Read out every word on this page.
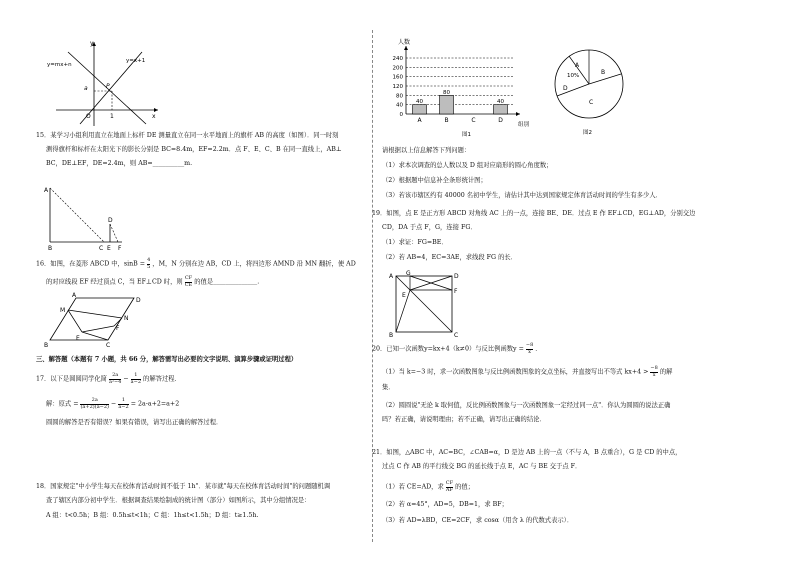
y
x
y=mx+n
y=x+1
a	P
O	1
15．某学习小组利用直立在地面上标杆 DE 测量直立在同一水平地面上的旗杆 AB 的高度（如图）．同一时刻
测得旗杆和标杆在太阳光下的影长分别是 BC=8.4m，EF=2.2m．点 F、E、C、B 在同一直线上，AB⊥
BC，DE⊥EF，DE=2.4m，则 AB=__________m.
A
B	C
D
E F
16．如图，在菱形 ABCD 中，$\sin B = \frac{4}{5}$ ，M，N 分别在边 AB，CD 上，将四边形 AMND 沿 MN 翻折，使 AD
的对应线段 EF 经过顶点 C，当 EF⊥CD 时，则 $\frac{CF}{CE}$ 的值是______________.
A
M
B
D
N
C
E
F
三、解答题（本题有 7 小题，共 66 分，解答需写出必要的文字说明、演算步骤或证明过程）
17．以下是圆圆同学化简 $\frac{2a}{\text{a²−4}} - \frac{1}{a-2}$ 的解答过程．
解：原式 = $\frac{2a}{(a+2)(a-2)} - \frac{1}{a-2} = 2a-a+2=a+2$
圆圆的解答是否有错误？如果有错误，请写出正确的解答过程．
18．国家规定"中小学生每天在校体育活动时间不低于 1h"．某市就"每天在校体育活动时间"的问题随机调
查了辖区内部分初中学生．根据调查结果绘制成的统计图（部分）如图所示，其中分组情况是：
A 组：t<0.5h；B 组：0.5h≤t<1h；C 组：1h≤t<1.5h；D 组：t≥1.5h.
人数
组别
图1
240
200
160
120
80
40
0
40
A
80
B	C
40
D
A
10%	B
C
D
图2
请根据以上信息解答下列问题：
（1）求本次调查的总人数以及 D 组对应扇形的圆心角度数；
（2）根据题中信息补全条形统计图；
（3）若该市辖区约有 40000 名初中学生，请估计其中达到国家规定体育活动时间的学生有多少人．
19．如图，点 E 是正方形 ABCD 对角线 AC 上的一点，连接 BE、DE．过点 E 作 EF⊥CD，EG⊥AD，分别交边
CD，DA 于点 F，G，连接 FG．
（1）求证：FG=BE．
（2）若 AB=4，EC=3AE，求线段 FG 的长．
A G	D
E
F
B	C
20．已知一次函数y=kx+4（k≠0）与反比例函数$y = \frac{-8}{x}$ ．
（1）当 k=−3 时，求一次函数图象与反比例函数图象的交点坐标，并直接写出不等式 $kx+4 > \frac{-8}{x}$ 的解
集．
（2）圆圆说"无论 k 取何值，反比例函数图象与一次函数图象一定经过同一点"．你认为圆圆的说法正确
吗？若正确，请说明理由；若不正确，请写出正确的结论．
21．如图，△ABC 中，AC=BC，∠CAB=α，D 是边 AB 上的一点（不与 A，B 点重合），G 是 CD 的中点，
过点 C 作 AB 的平行线交 BG 的延长线于点 E，AC 与 BE 交于点 F．
（1）若 CE=AD，求 $\frac{CF}{AF}$ 的值；
（2）若 α=45°，AD=5，DB=1，求 BF；
（3）若 AD=λBD，CE=2CF，求 cosα（用含 λ 的代数式表示）．
